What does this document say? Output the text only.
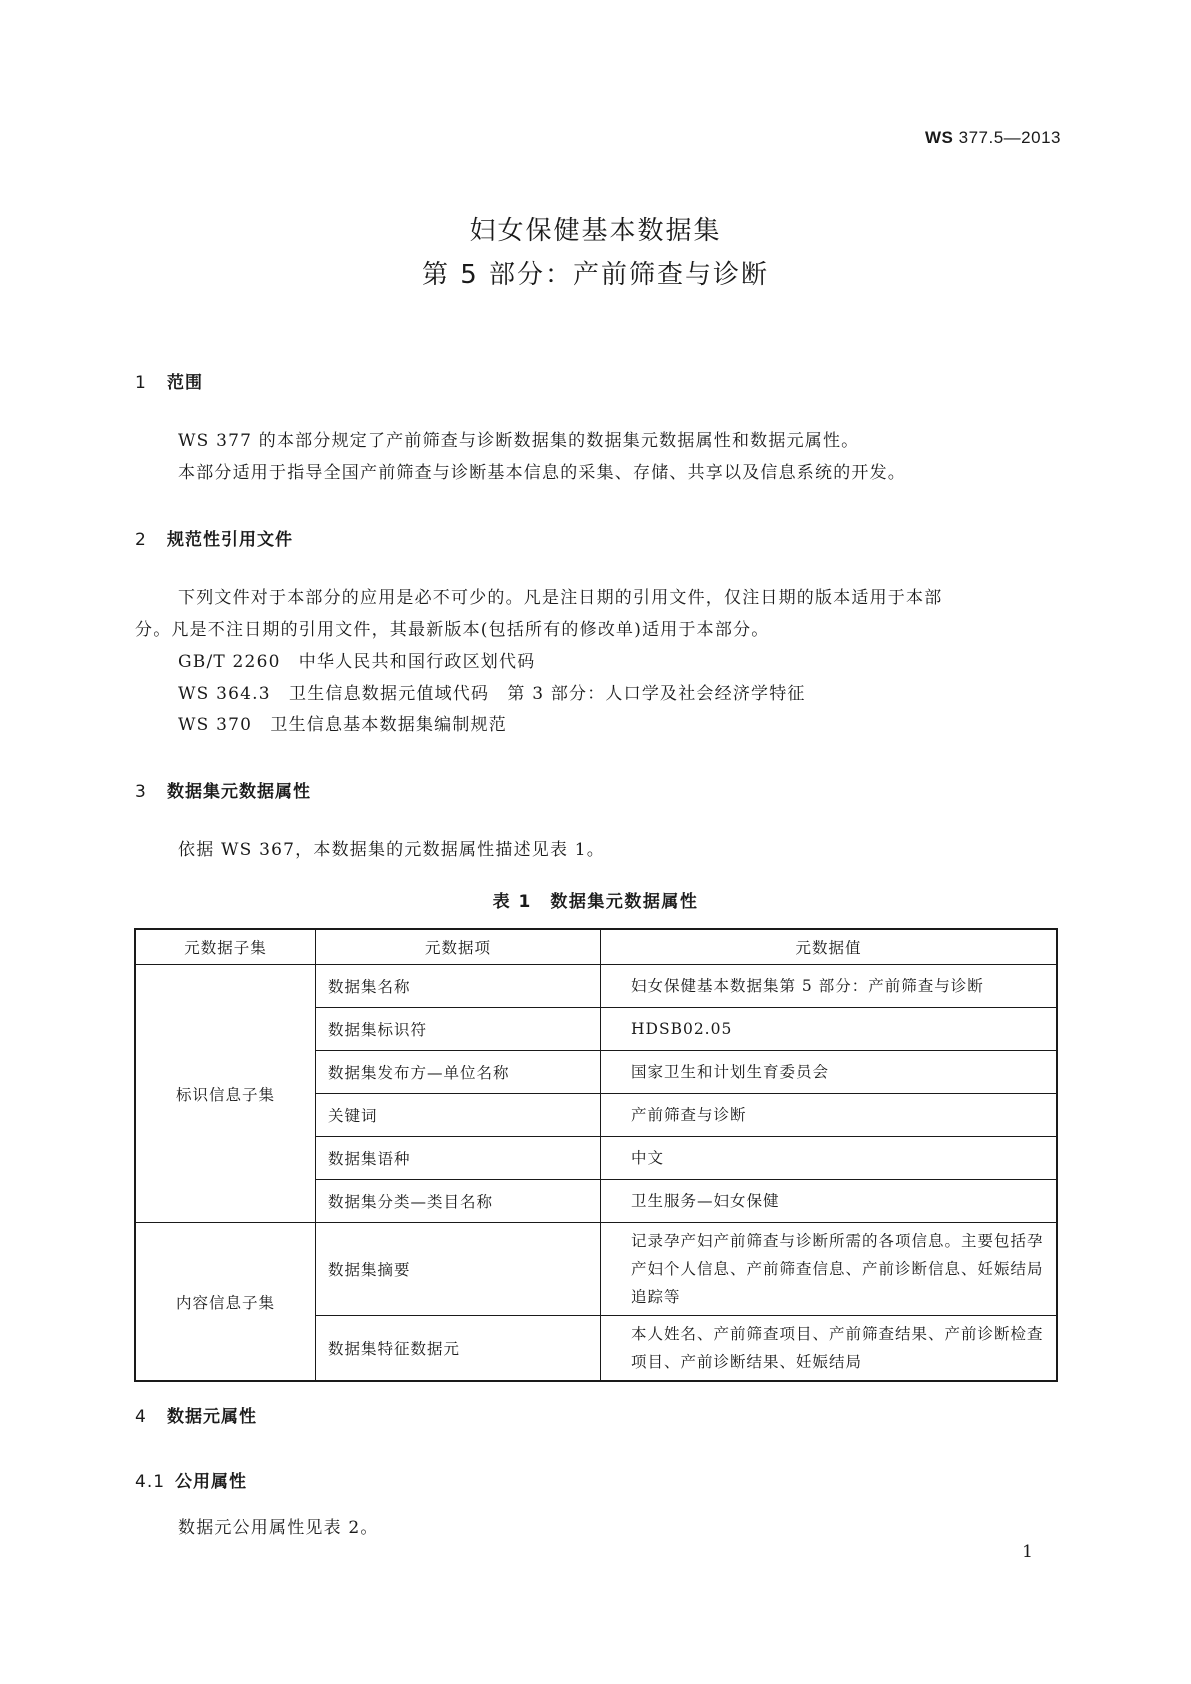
WS 377.5—2013
妇女保健基本数据集
第 5 部分：产前筛查与诊断
1 范围
WS 377 的本部分规定了产前筛查与诊断数据集的数据集元数据属性和数据元属性。
本部分适用于指导全国产前筛查与诊断基本信息的采集、存储、共享以及信息系统的开发。
2 规范性引用文件
下列文件对于本部分的应用是必不可少的。凡是注日期的引用文件，仅注日期的版本适用于本部
分。凡是不注日期的引用文件，其最新版本(包括所有的修改单)适用于本部分。
GB/T 2260　中华人民共和国行政区划代码
WS 364.3　卫生信息数据元值域代码　第 3 部分：人口学及社会经济学特征
WS 370　卫生信息基本数据集编制规范
3 数据集元数据属性
依据 WS 367，本数据集的元数据属性描述见表 1。
表 1　数据集元数据属性
元数据子集	元数据项	元数据值
标识信息子集	数据集名称	妇女保健基本数据集第 5 部分：产前筛查与诊断
	数据集标识符	HDSB02.05
	数据集发布方—单位名称	国家卫生和计划生育委员会
	关键词	产前筛查与诊断
	数据集语种	中文
	数据集分类—类目名称	卫生服务—妇女保健
内容信息子集	数据集摘要	记录孕产妇产前筛查与诊断所需的各项信息。主要包括孕产妇个人信息、产前筛查信息、产前诊断信息、妊娠结局追踪等
	数据集特征数据元	本人姓名、产前筛查项目、产前筛查结果、产前诊断检查项目、产前诊断结果、妊娠结局
4 数据元属性
4.1 公用属性
数据元公用属性见表 2。
1
